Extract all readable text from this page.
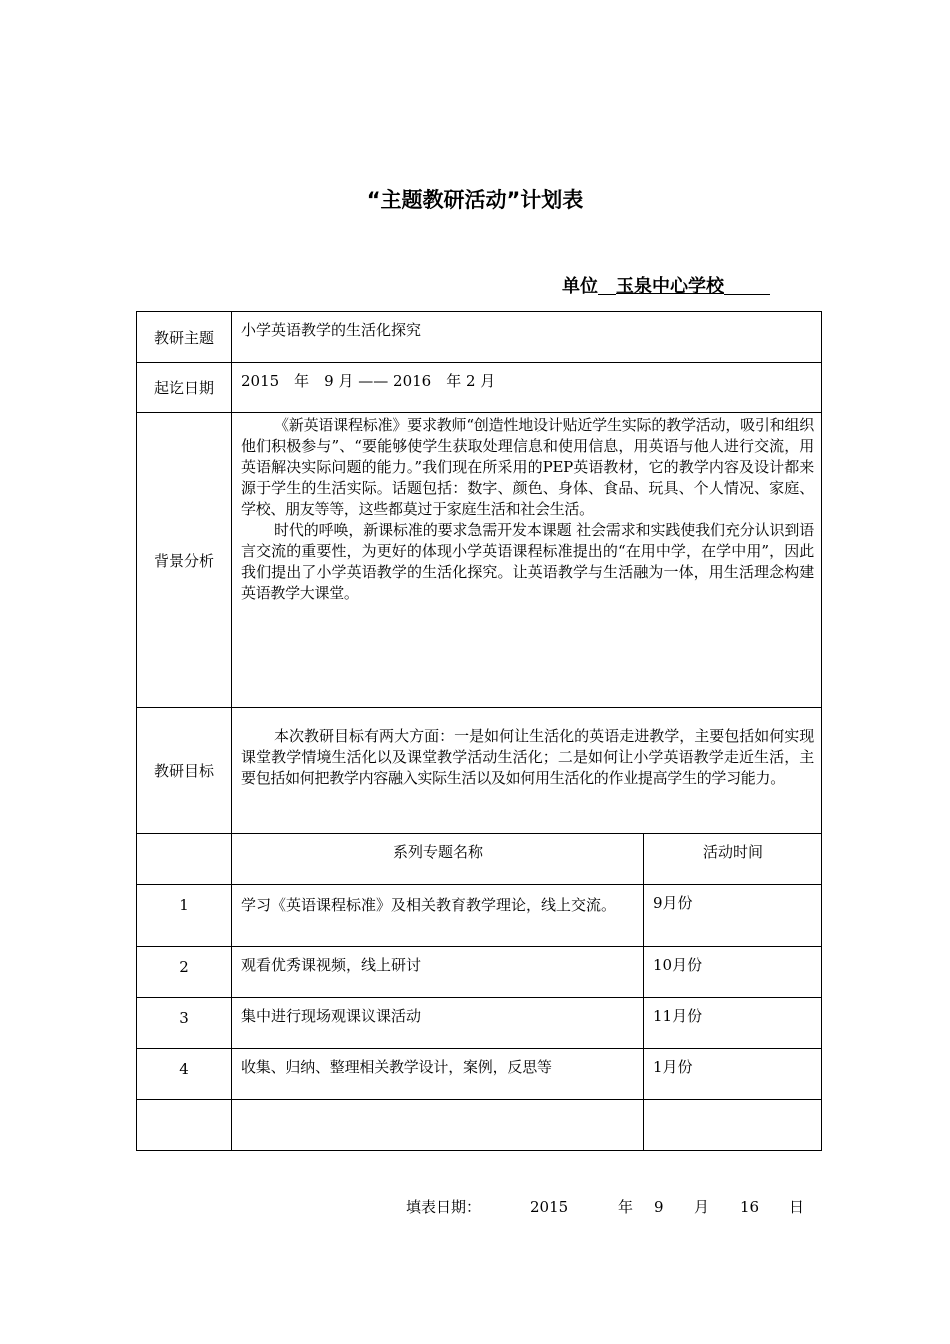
“主题教研活动”计划表
单位 玉泉中心学校
教研主题	小学英语教学的生活化探究	

起讫日期	2015　年　9 月 —— 2016　年 2 月	

背景分析	《新英语课程标准》要求教师“创造性地设计贴近学生实际的教学活动，吸引和组织他们积极参与”、“要能够使学生获取处理信息和使用信息，用英语与他人进行交流，用英语解决实际问题的能力。”我们现在所采用的PEP英语教材，它的教学内容及设计都来源于学生的生活实际。话题包括：数字、颜色、身体、食品、玩具、个人情况、家庭、学校、朋友等等，这些都莫过于家庭生活和社会生活。

时代的呼唤，新课标准的要求急需开发本课题 社会需求和实践使我们充分认识到语言交流的重要性，为更好的体现小学英语课程标准提出的“在用中学，在学中用”，因此我们提出了小学英语教学的生活化探究。让英语教学与生活融为一体，用生活理念构建英语教学大课堂。	

教研目标	本次教研目标有两大方面：一是如何让生活化的英语走进教学，主要包括如何实现课堂教学情境生活化以及课堂教学活动生活化；二是如何让小学英语教学走近生活，主要包括如何把教学内容融入实际生活以及如何用生活化的作业提高学生的学习能力。	

	系列专题名称	活动时间

1	学习《英语课程标准》及相关教育教学理论，线上交流。	9月份

2	观看优秀课视频，线上研讨	10月份

3	集中进行现场观课议课活动	11月份

4	收集、归纳、整理相关教学设计，案例，反思等	1月份

填表日期：	2015	年 9 月 16 日
